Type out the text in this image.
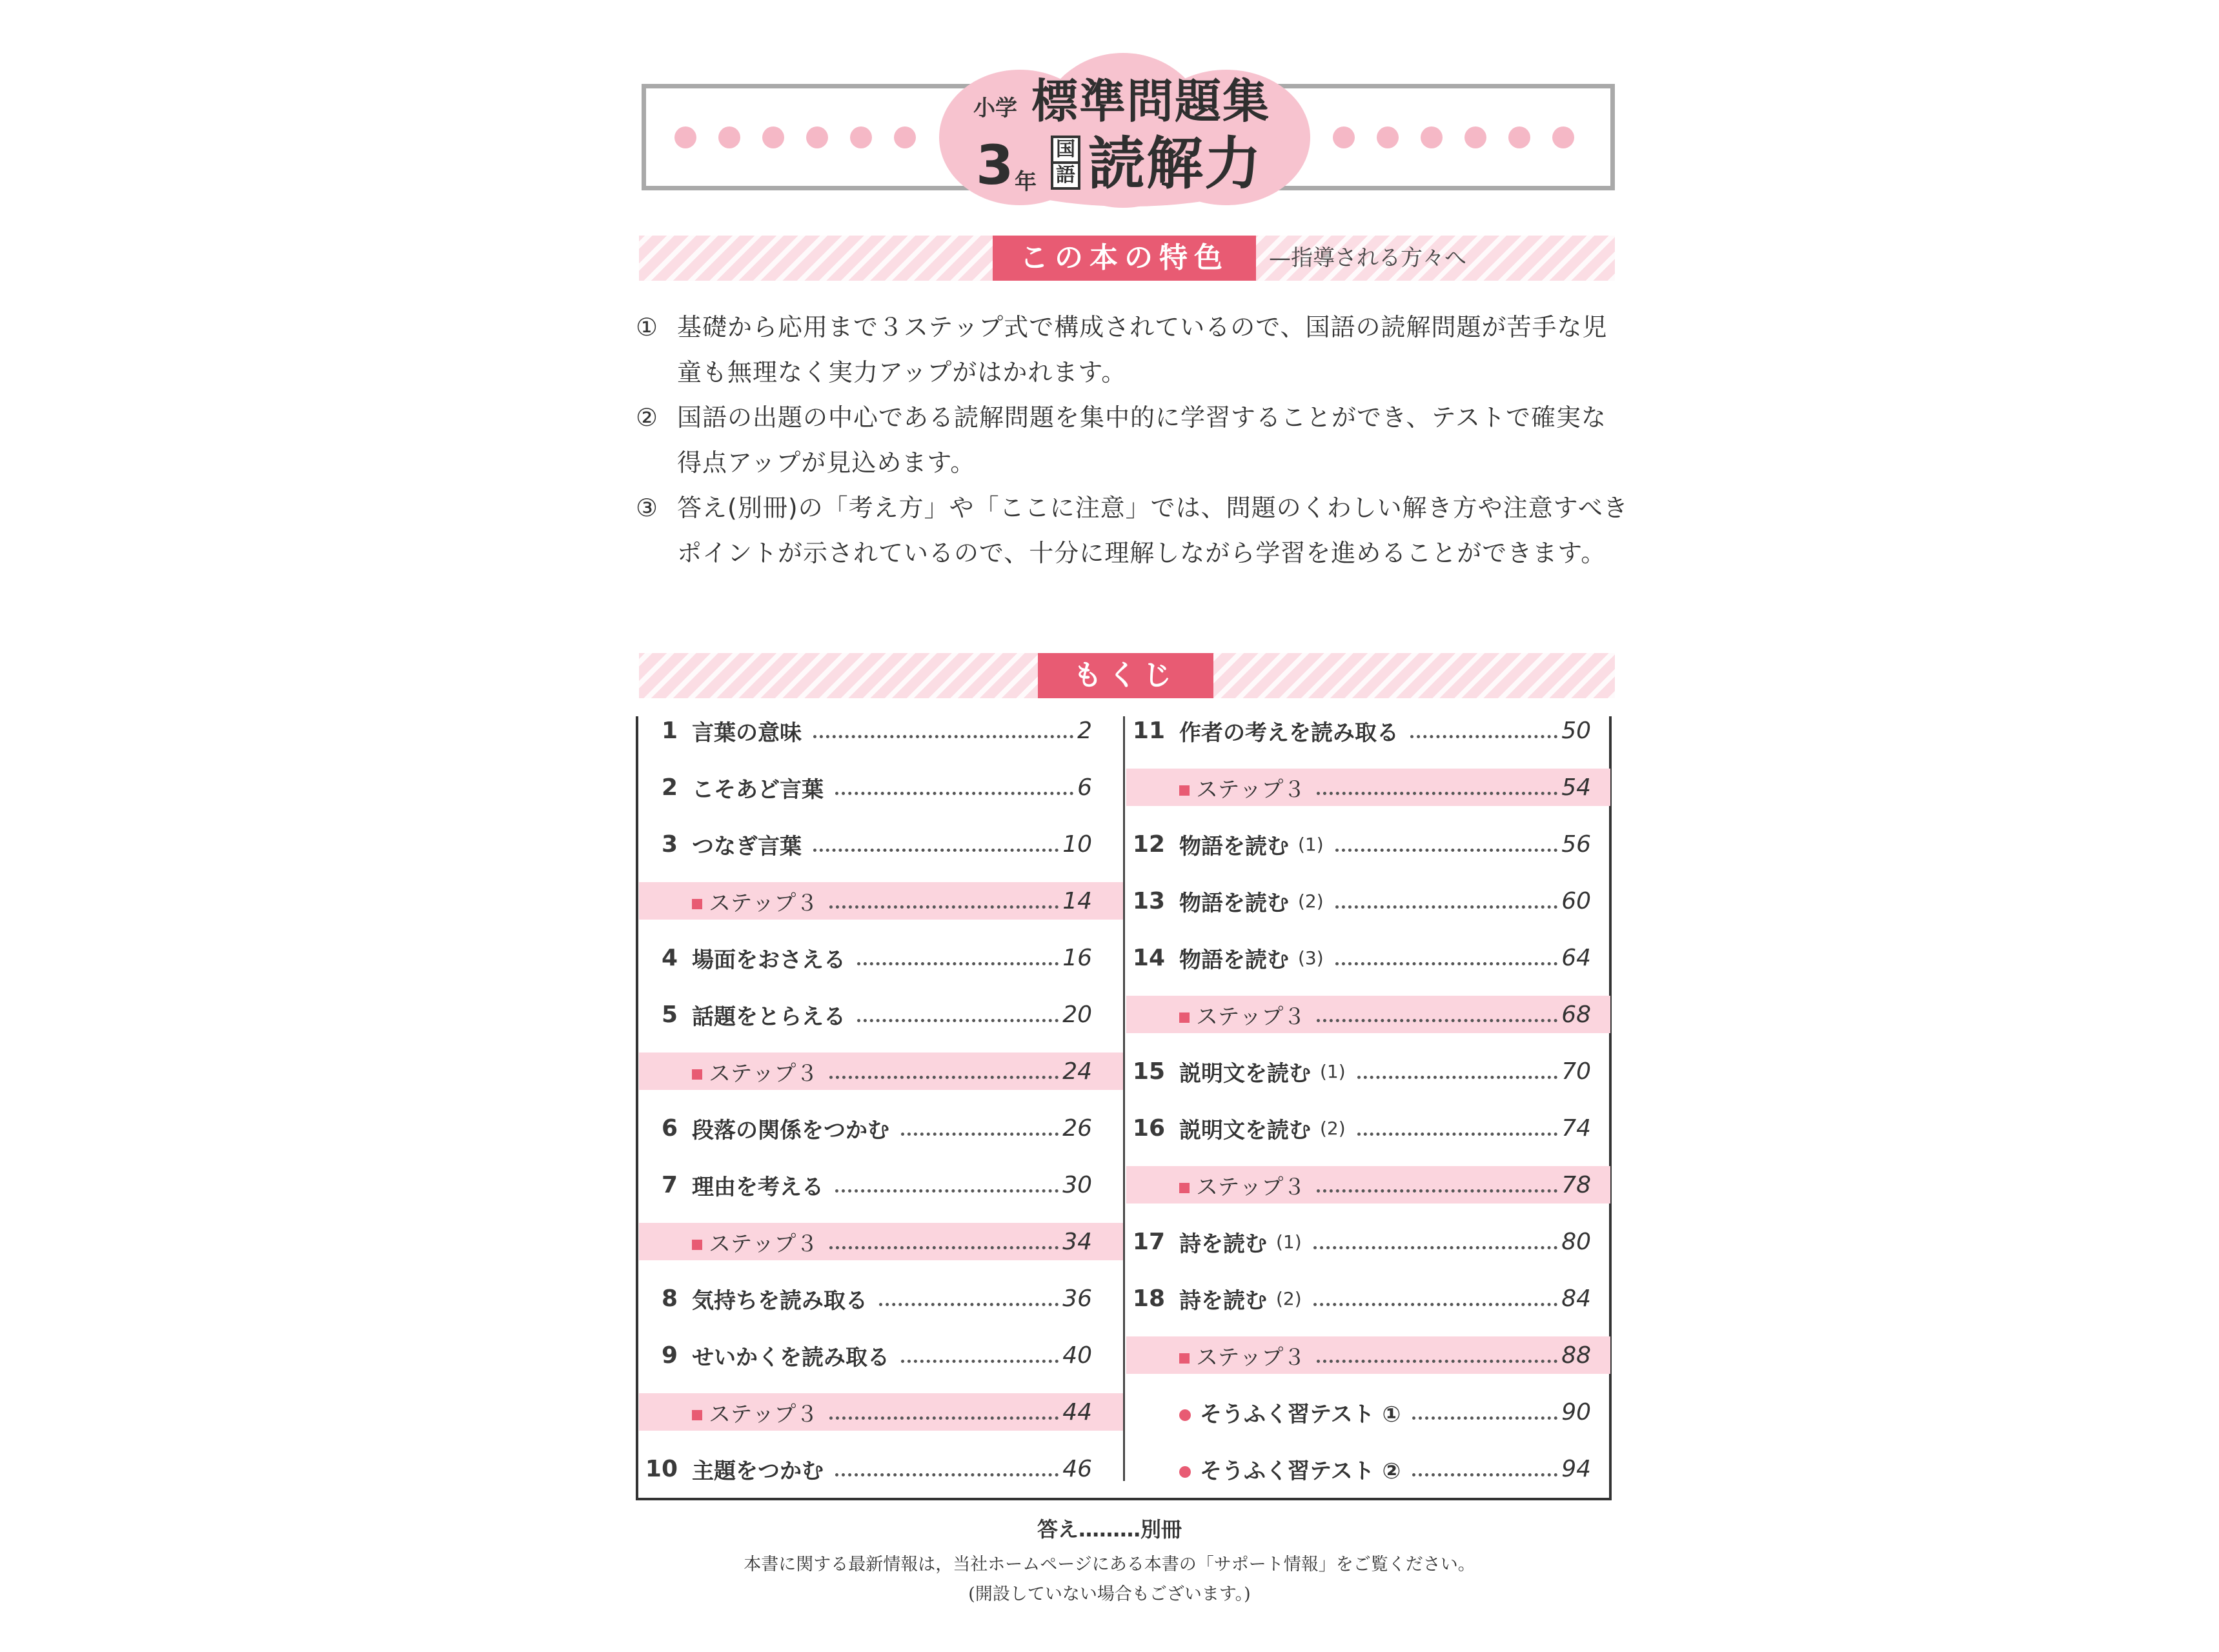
小学 標準問題集
3 年
国
語 読解力
この本の特色	—指導される方々へ
① 基礎から応用まで３ステップ式で構成されているので、国語の読解問題が苦手な児童も無理なく実力アップがはかれます。
② 国語の出題の中心である読解問題を集中的に学習することができ、テストで確実な得点アップが見込めます。
③ 答え(別冊)の「考え方」や「ここに注意」では、問題のくわしい解き方や注意すべきポイントが示されているので、十分に理解しながら学習を進めることができます。
もくじ
1 言葉の意味	2
2 こそあど言葉	6
3 つなぎ言葉	10
ステップ３	14
4 場面をおさえる	16
5 話題をとらえる	20
ステップ３	24
6 段落の関係をつかむ	26
7 理由を考える	30
ステップ３	34
8 気持ちを読み取る	36
9 せいかくを読み取る	40
ステップ３	44
10 主題をつかむ	46
11 作者の考えを読み取る	50
ステップ３	54
12 物語を読む (1)	56
13 物語を読む (2)	60
14 物語を読む (3)	64
ステップ３	68
15 説明文を読む (1)	70
16 説明文を読む (2)	74
ステップ３	78
17 詩を読む (1)	80
18 詩を読む (2)	84
ステップ３	88
そうふく習テスト ①	90
そうふく習テスト ②	94
答え………別冊
本書に関する最新情報は，当社ホームページにある本書の「サポート情報」をご覧ください。
(開設していない場合もございます。)
